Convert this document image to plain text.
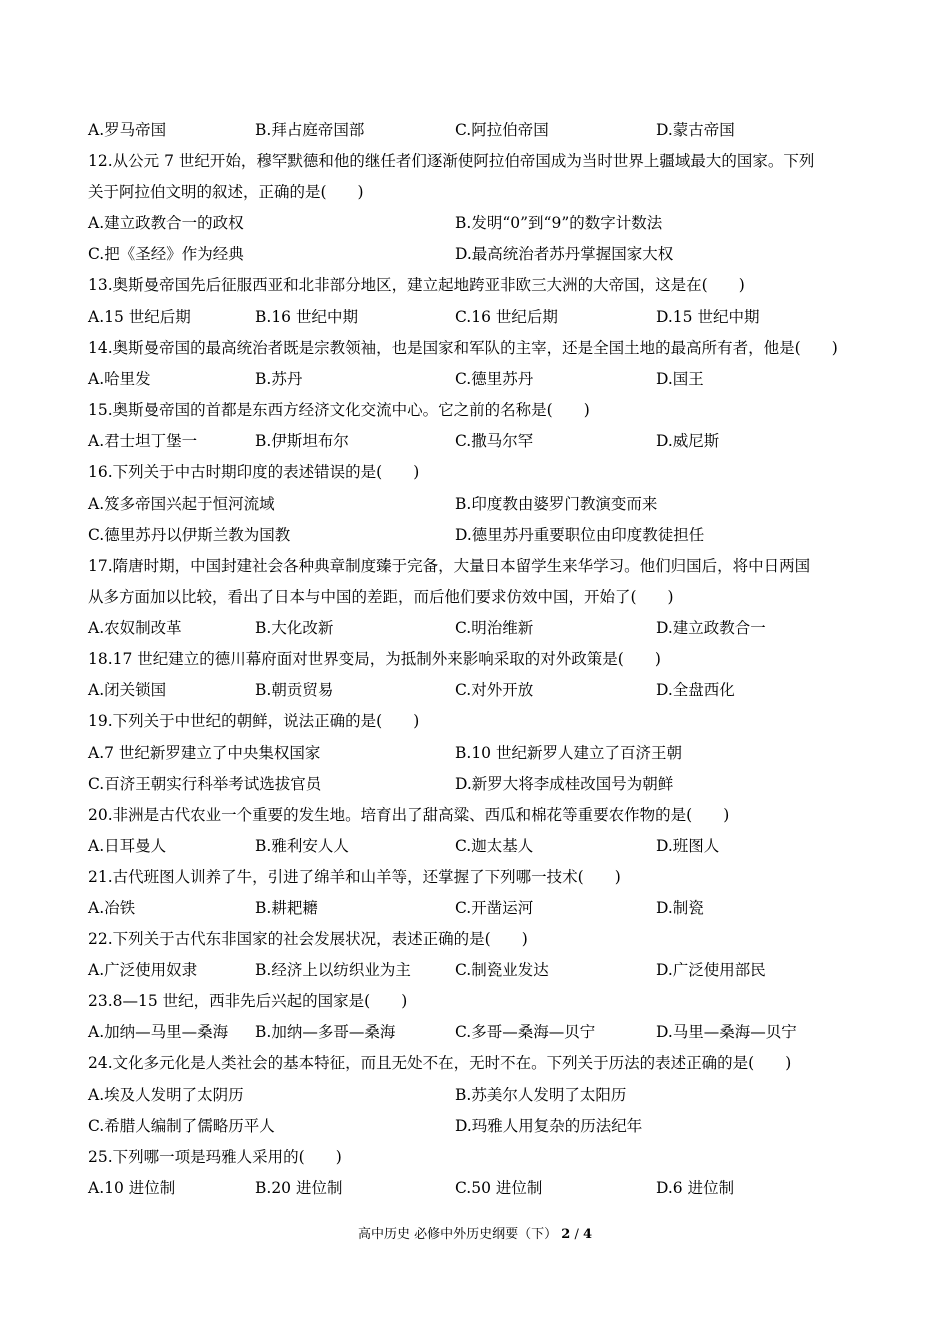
A.罗马帝国	B.拜占庭帝国部	C.阿拉伯帝国	D.蒙古帝国
12.从公元 7 世纪开始，穆罕默德和他的继任者们逐渐使阿拉伯帝国成为当时世界上疆域最大的国家。下列
关于阿拉伯文明的叙述，正确的是(　　)
A.建立政教合一的政权	B.发明“0”到“9”的数字计数法
C.把《圣经》作为经典	D.最高统治者苏丹掌握国家大权
13.奥斯曼帝国先后征服西亚和北非部分地区，建立起地跨亚非欧三大洲的大帝国，这是在(　　)
A.15 世纪后期	B.16 世纪中期	C.16 世纪后期	D.15 世纪中期
14.奥斯曼帝国的最高统治者既是宗教领袖，也是国家和军队的主宰，还是全国土地的最高所有者，他是(　　)
A.哈里发	B.苏丹	C.德里苏丹	D.国王
15.奥斯曼帝国的首都是东西方经济文化交流中心。它之前的名称是(　　)
A.君士坦丁堡一	B.伊斯坦布尔	C.撒马尔罕	D.威尼斯
16.下列关于中古时期印度的表述错误的是(　　)
A.笈多帝国兴起于恒河流域	B.印度教由婆罗门教演变而来
C.德里苏丹以伊斯兰教为国教	D.德里苏丹重要职位由印度教徒担任
17.隋唐时期，中国封建社会各种典章制度臻于完备，大量日本留学生来华学习。他们归国后，将中日两国
从多方面加以比较，看出了日本与中国的差距，而后他们要求仿效中国，开始了(　　)
A.农奴制改革	B.大化改新	C.明治维新	D.建立政教合一
18.17 世纪建立的德川幕府面对世界变局，为抵制外来影响采取的对外政策是(　　)
A.闭关锁国	B.朝贡贸易	C.对外开放	D.全盘西化
19.下列关于中世纪的朝鲜，说法正确的是(　　)
A.7 世纪新罗建立了中央集权国家	B.10 世纪新罗人建立了百济王朝
C.百济王朝实行科举考试选拔官员	D.新罗大将李成桂改国号为朝鲜
20.非洲是古代农业一个重要的发生地。培育出了甜高粱、西瓜和棉花等重要农作物的是(　　)
A.日耳曼人	B.雅利安人人	C.迦太基人	D.班图人
21.古代班图人训养了牛，引进了绵羊和山羊等，还掌握了下列哪一技术(　　)
A.冶铁	B.耕耙耱	C.开凿运河	D.制瓷
22.下列关于古代东非国家的社会发展状况，表述正确的是(　　)
A.广泛使用奴隶	B.经济上以纺织业为主	C.制瓷业发达	D.广泛使用部民
23.8—15 世纪，西非先后兴起的国家是(　　)
A.加纳—马里—桑海 B.加纳—多哥—桑海	C.多哥—桑海—贝宁	D.马里—桑海—贝宁
24.文化多元化是人类社会的基本特征，而且无处不在，无时不在。下列关于历法的表述正确的是(　　)
A.埃及人发明了太阴历	B.苏美尔人发明了太阳历
C.希腊人编制了儒略历平人	D.玛雅人用复杂的历法纪年
25.下列哪一项是玛雅人采用的(　　)
A.10 进位制	B.20 进位制	C.50 进位制	D.6 进位制
高中历史 必修中外历史纲要（下） 2 / 4
